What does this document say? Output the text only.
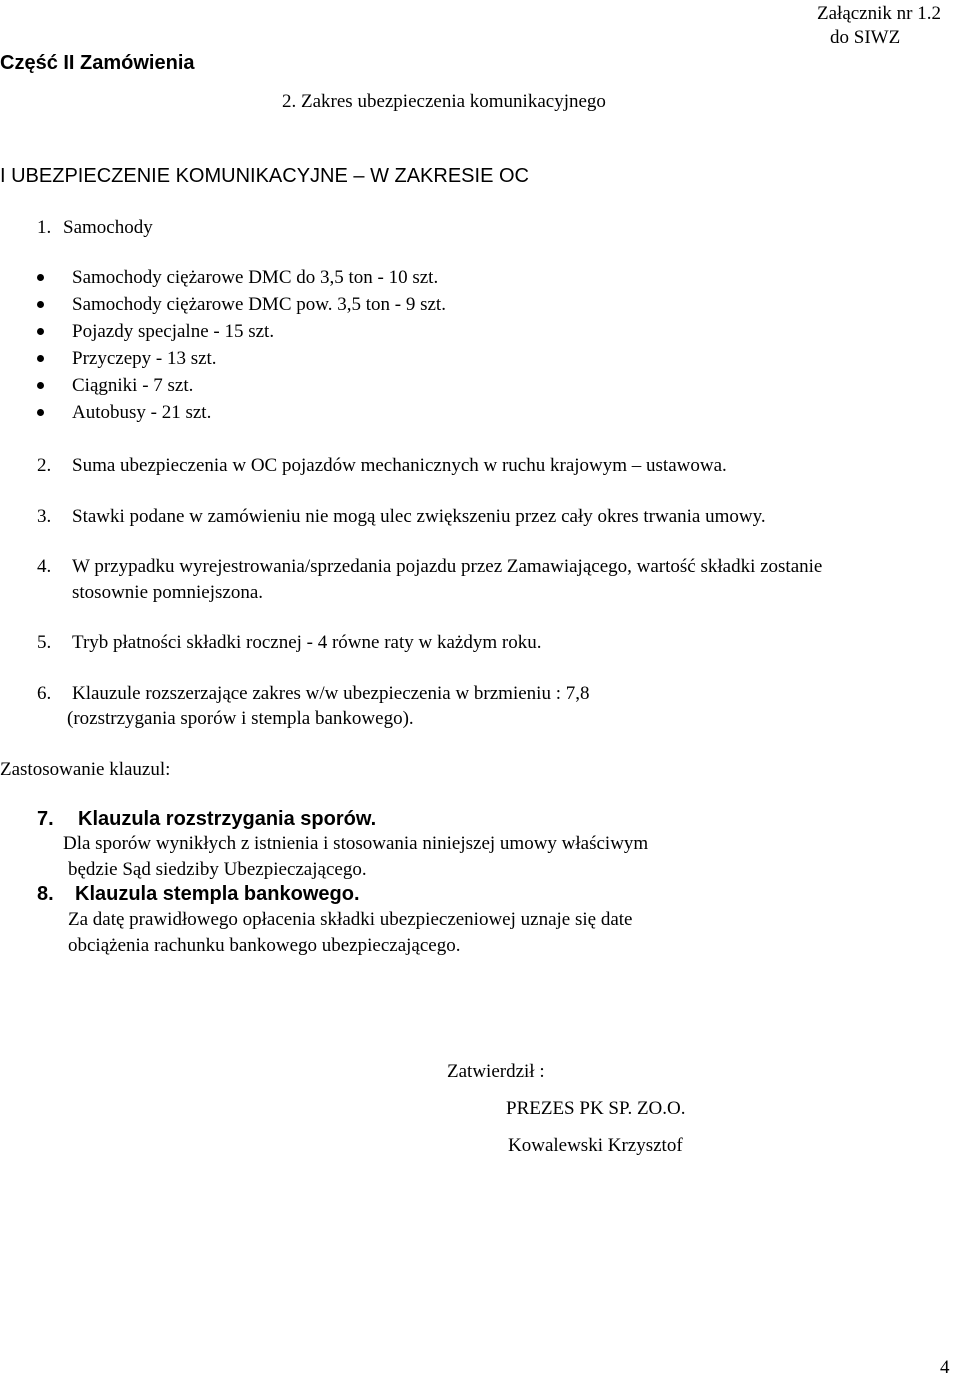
Załącznik nr 1.2
do SIWZ
Część II Zamówienia
2. Zakres ubezpieczenia komunikacyjnego
I UBEZPIECZENIE KOMUNIKACYJNE – W ZAKRESIE OC
1. Samochody
Samochody ciężarowe DMC do 3,5 ton - 10 szt.
Samochody ciężarowe DMC pow. 3,5 ton - 9 szt.
Pojazdy specjalne - 15 szt.
Przyczepy - 13 szt.
Ciągniki - 7 szt.
Autobusy - 21 szt.
2. Suma ubezpieczenia w OC pojazdów mechanicznych w ruchu krajowym – ustawowa.
3. Stawki podane w zamówieniu nie mogą ulec zwiększeniu przez cały okres trwania umowy.
4. W przypadku wyrejestrowania/sprzedania pojazdu przez Zamawiającego, wartość składki zostanie
stosownie pomniejszona.
5. Tryb płatności składki rocznej - 4 równe raty w każdym roku.
6. Klauzule rozszerzające zakres w/w ubezpieczenia w brzmieniu : 7,8
(rozstrzygania sporów i stempla bankowego).
Zastosowanie klauzul:
7. Klauzula rozstrzygania sporów.
Dla sporów wynikłych z istnienia i stosowania niniejszej umowy właściwym
będzie Sąd siedziby Ubezpieczającego.
8. Klauzula stempla bankowego.
Za datę prawidłowego opłacenia składki ubezpieczeniowej uznaje się date
obciążenia rachunku bankowego ubezpieczającego.
Zatwierdził :
PREZES PK SP. ZO.O.
Kowalewski Krzysztof
4
